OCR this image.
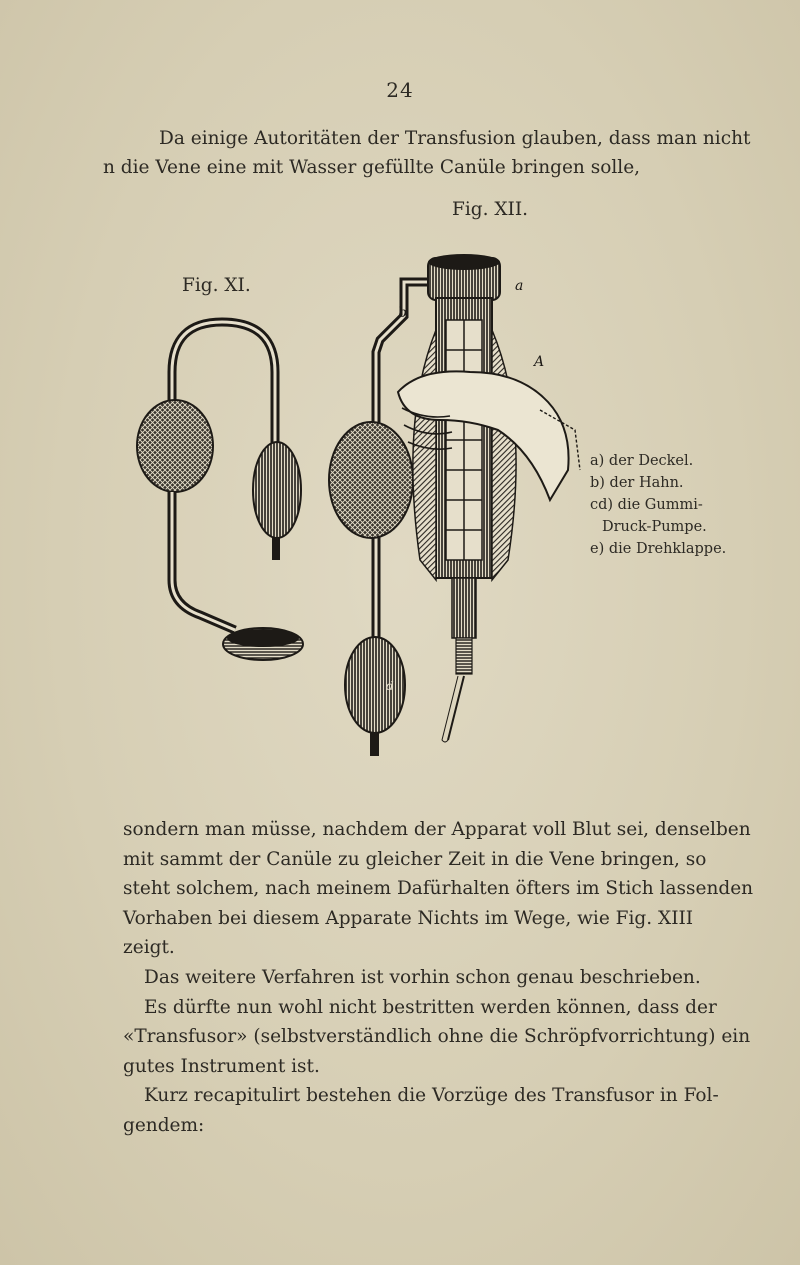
24
Da einige Autoritäten der Transfusion glauben, dass man nicht
n die Vene eine mit Wasser gefüllte Canüle bringen solle,
Fig. XII.
Fig. XI.	a
b
A
d
a) der Deckel.
b) der Hahn.
cd) die Gummi-
Druck-Pumpe.
e) die Drehklappe.
sondern man müsse, nachdem der Apparat voll Blut sei, denselben
mit sammt der Canüle zu gleicher Zeit in die Vene bringen, so
steht solchem, nach meinem Dafürhalten öfters im Stich lassenden
Vorhaben bei diesem Apparate Nichts im Wege, wie Fig. XIII
zeigt.
Das weitere Verfahren ist vorhin schon genau beschrieben.
Es dürfte nun wohl nicht bestritten werden können, dass der
«Transfusor» (selbstverständlich ohne die Schröpfvorrichtung) ein
gutes Instrument ist.
Kurz recapitulirt bestehen die Vorzüge des Transfusor in Fol-
gendem:
